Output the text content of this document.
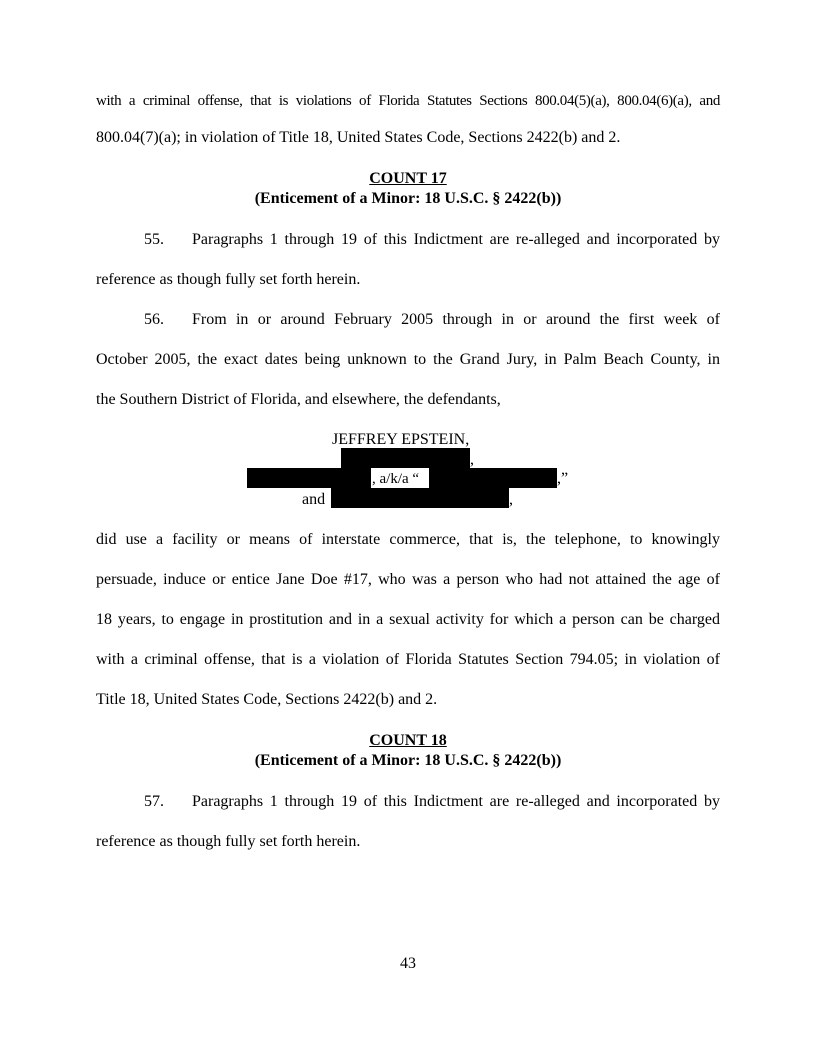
with a criminal offense, that is violations of Florida Statutes Sections 800.04(5)(a), 800.04(6)(a), and
800.04(7)(a); in violation of Title 18, United States Code, Sections 2422(b) and 2.
COUNT 17
(Enticement of a Minor: 18 U.S.C. § 2422(b))
55. Paragraphs 1 through 19 of this Indictment are re-alleged and incorporated by
reference as though fully set forth herein.
56. From in or around February 2005 through in or around the first week of
October 2005, the exact dates being unknown to the Grand Jury, in Palm Beach County, in
the Southern District of Florida, and elsewhere, the defendants,
JEFFREY EPSTEIN,
,
, a/k/a “	,”
and	,
did use a facility or means of interstate commerce, that is, the telephone, to knowingly
persuade, induce or entice Jane Doe #17, who was a person who had not attained the age of
18 years, to engage in prostitution and in a sexual activity for which a person can be charged
with a criminal offense, that is a violation of Florida Statutes Section 794.05; in violation of
Title 18, United States Code, Sections 2422(b) and 2.
COUNT 18
(Enticement of a Minor: 18 U.S.C. § 2422(b))
57. Paragraphs 1 through 19 of this Indictment are re-alleged and incorporated by
reference as though fully set forth herein.
43
